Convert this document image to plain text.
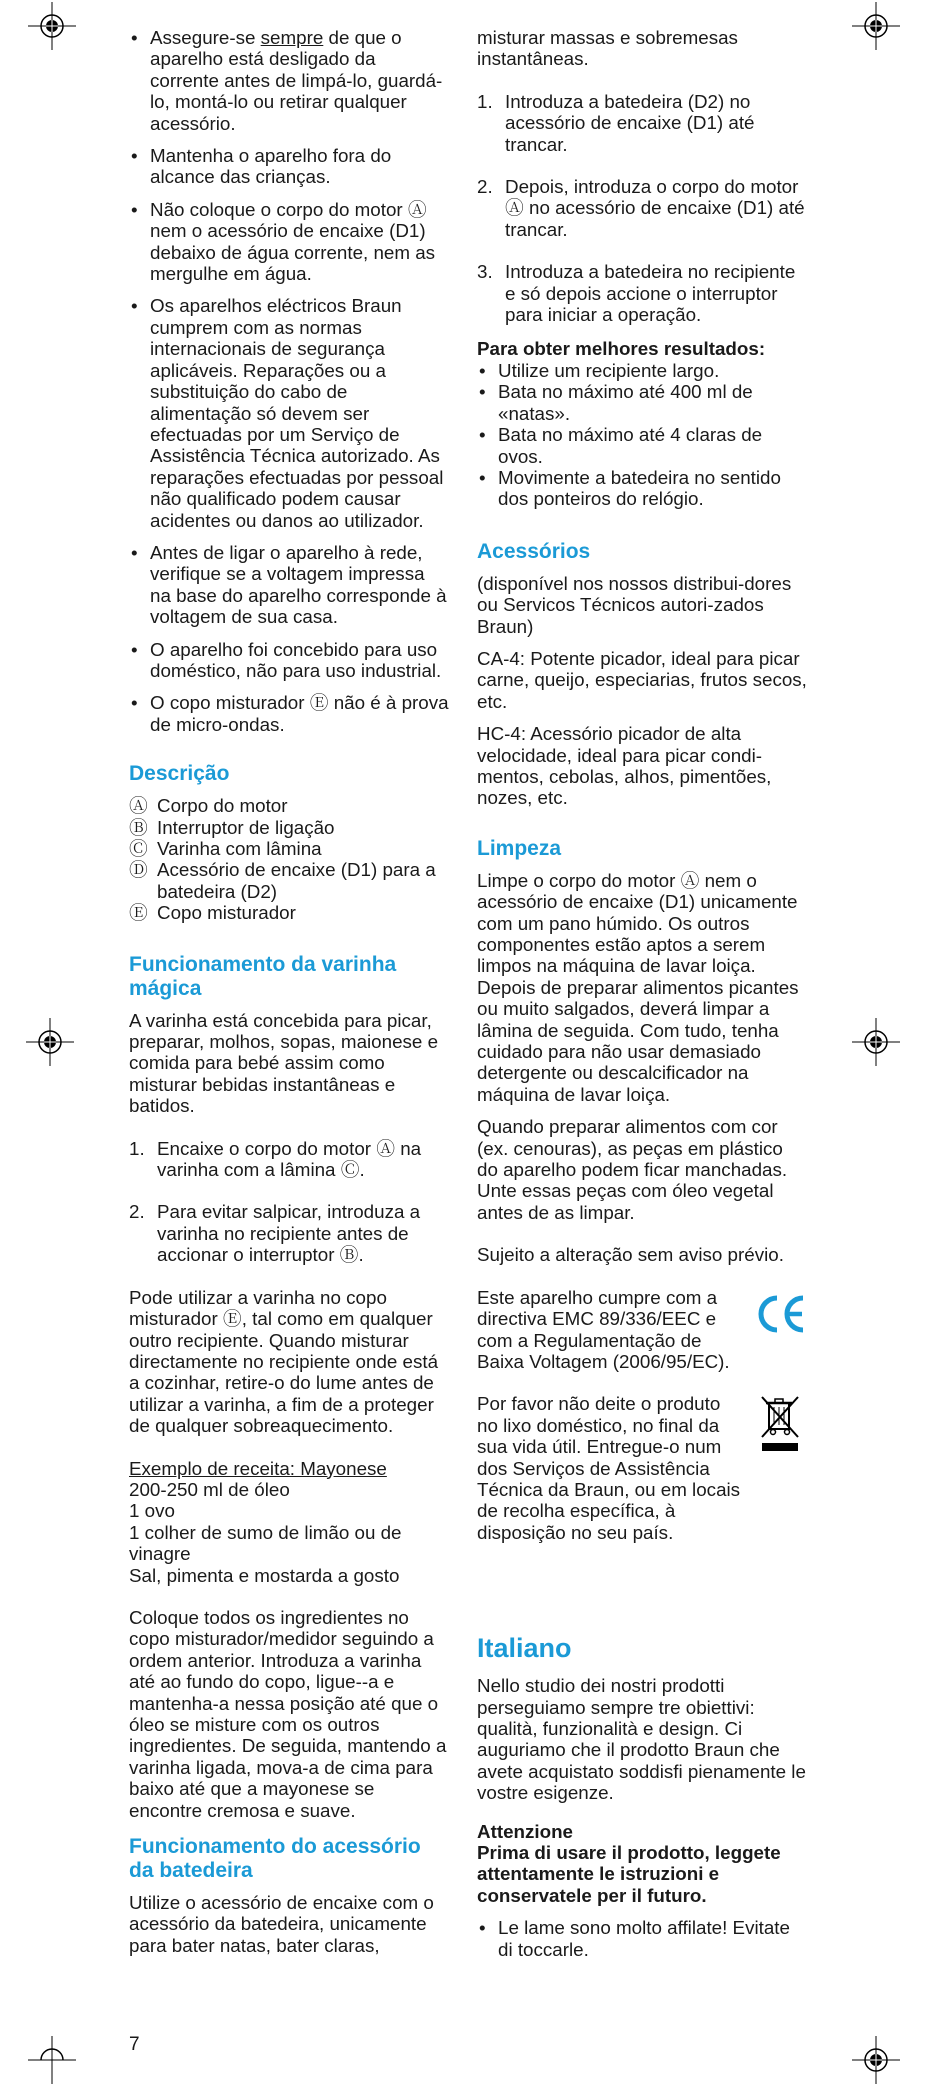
• Assegure-se sempre de que o aparelho está desligado da corrente antes de limpá-lo, guardá-lo, montá-lo ou retirar qualquer acessório.
• Mantenha o aparelho fora do alcance das crianças.
• Não coloque o corpo do motor Ⓐ nem o acessório de encaixe (D1) debaixo de água corrente, nem as mergulhe em água.
• Os aparelhos eléctricos Braun cumprem com as normas internacionais de segurança aplicáveis. Reparações ou a substituição do cabo de alimentação só devem ser efectuadas por um Serviço de Assistência Técnica autorizado. As reparações efectuadas por pessoal não qualificado podem causar acidentes ou danos ao utilizador.
• Antes de ligar o aparelho à rede, verifique se a voltagem impressa na base do aparelho corresponde à voltagem de sua casa.
• O aparelho foi concebido para uso doméstico, não para uso industrial.
• O copo misturador Ⓔ não é à prova de micro-ondas.
Descrição
Ⓐ Corpo do motor
Ⓑ Interruptor de ligação
Ⓒ Varinha com lâmina
Ⓓ Acessório de encaixe (D1) para a batedeira (D2)
Ⓔ Copo misturador
Funcionamento da varinha mágica

A varinha está concebida para picar, preparar, molhos, sopas, maionese e comida para bebé assim como misturar bebidas instantâneas e batidos.

1. Encaixe o corpo do motor Ⓐ na varinha com a lâmina Ⓒ.
2. Para evitar salpicar, introduza a varinha no recipiente antes de accionar o interruptor Ⓑ.

Pode utilizar a varinha no copo misturador Ⓔ, tal como em qualquer outro recipiente. Quando misturar directamente no recipiente onde está a cozinhar, retire-o do lume antes de utilizar a varinha, a fim de a proteger de qualquer sobreaquecimento.

Exemplo de receita: Mayonese

200-250 ml de óleo

1 ovo

1 colher de sumo de limão ou de vinagre

Sal, pimenta e mostarda a gosto

Coloque todos os ingredientes no copo misturador/medidor seguindo a ordem anterior. Introduza a varinha até ao fundo do copo, ligue--a e mantenha-a nessa posição até que o óleo se misture com os outros ingredientes. De seguida, mantendo a varinha ligada, mova-a de cima para baixo até que a mayonese se encontre cremosa e suave.

Funcionamento do acessório da batedeira

Utilize o acessório de encaixe com o acessório da batedeira, unicamente para bater natas, bater claras,

misturar massas e sobremesas instantâneas.

1. Introduza a batedeira (D2) no acessório de encaixe (D1) até trancar.
2. Depois, introduza o corpo do motor Ⓐ no acessório de encaixe (D1) até trancar.
3. Introduza a batedeira no recipiente e só depois accione o interruptor para iniciar a operação.

Para obter melhores resultados:

• Utilize um recipiente largo.
• Bata no máximo até 400 ml de «natas».
• Bata no máximo até 4 claras de ovos.
• Movimente a batedeira no sentido dos ponteiros do relógio.
Acessórios

(disponível nos nossos distribui-dores ou Servicos Técnicos autori-zados Braun)

CA-4: Potente picador, ideal para picar carne, queijo, especiarias, frutos secos, etc.

HC-4: Acessório picador de alta velocidade, ideal para picar condi-mentos, cebolas, alhos, pimentões, nozes, etc.

Limpeza

Limpe o corpo do motor Ⓐ nem o acessório de encaixe (D1) unicamente com um pano húmido. Os outros componentes estão aptos a serem limpos na máquina de lavar loiça. Depois de preparar alimentos picantes ou muito salgados, deverá limpar a lâmina de seguida. Com tudo, tenha cuidado para não usar demasiado detergente ou descalcificador na máquina de lavar loiça.

Quando preparar alimentos com cor (ex. cenouras), as peças em plástico do aparelho podem ficar manchadas. Unte essas peças com óleo vegetal antes de as limpar.

Sujeito a alteração sem aviso prévio.

Este aparelho cumpre com a directiva EMC 89/336/EEC e com a Regulamentação de Baixa Voltagem (2006/95/EC).

Por favor não deite o produto no lixo doméstico, no final da sua vida útil. Entregue-o num dos Serviços de Assistência Técnica da Braun, ou em locais de recolha específica, à disposição no seu país.

Italiano

Nello studio dei nostri prodotti perseguiamo sempre tre obiettivi: qualità, funzionalità e design. Ci auguriamo che il prodotto Braun che avete acquistato soddisfi pienamente le vostre esigenze.

Attenzione

Prima di usare il prodotto, leggete attentamente le istruzioni e conservatele per il futuro.

• Le lame sono molto affilate! Evitate di toccarle.
7
